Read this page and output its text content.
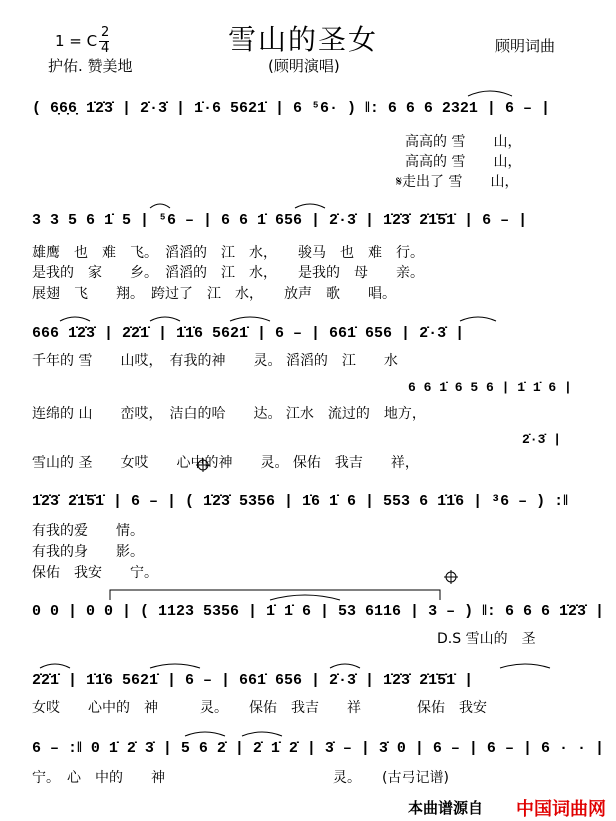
1 = C 2
4	雪山的圣女	顾明词曲
护佑. 赞美地	(顾明演唱)
( 6̣6̣6̣ 1̇2̇3̇ | 2̇·3̇ | 1̇·6 5621̇ | 6 ⁵6· ) ‖: 6 6 6 2321 | 6 – |
高高的 雪　　山，
高高的 雪　　山，
𝄋走出了 雪　　山，
3 3 5 6 1̇ 5 | ⁵6 – | 6 6 1̇ 656 | 2̇·3̇ | 1̇2̇3̇ 2̇1̇5̇1̇ | 6 – |
雄鹰　也　难　飞。　滔滔的　江　水，　　骏马　也　难　行。
是我的　家　　乡。　滔滔的　江　水，　　是我的　母　　亲。
展翅　飞　　翔。　跨过了　江　水，　　放声　歌　　唱。
666 1̇2̇3̇ | 2̇2̇1̇ | 1̇1̇6 5621̇ | 6 – | 661̇ 656 | 2̇·3̇ |
千年的 雪　　山哎，　有我的神　　灵。 滔滔的　江　　水
6 6 1̇ 6 5 6 | 1̇ 1̇ 6 |
连绵的 山　　峦哎，　洁白的哈　　达。 江水　流过的　地方，
2̇·3̇ |
雪山的 圣　　女哎　　心中的神　　灵。 保佑　我吉　　祥，
1̇2̇3̇ 2̇1̇5̇1̇ | 6 – | ( 1̇2̇3̇ 5356 | 1̇6 1̇ 6 | 553 6 1̇1̇6 | ³6 – ) :‖
有我的爱　　情。
有我的身　　影。
保佑　我安　　宁。
0 0 | 0 0 | ( 1123 5356 | 1̇ 1̇ 6 | 53 6116 | 3 – ) ‖: 6 6 6 1̇2̇3̇ |
D.S 雪山的　圣
2̇2̇1̇ | 1̇1̇6 5621̇ | 6 – | 661̇ 656 | 2̇·3̇ | 1̇2̇3̇ 2̇1̇5̇1̇ |
女哎　　心中的　神　　　灵。　　保佑　我吉　　祥　　　　保佑　我安
6 – :‖ 0 1̇ 2̇ 3̇ | 5 6 2̇ | 2̇ 1̇ 2̇ | 3̇ – | 3̇ 0 | 6 – | 6 – | 6 · · |
宁。　心　中的　　神　　　　　　　　　　　　灵。　　(古弓记谱)
本曲谱源自 中国词曲网
